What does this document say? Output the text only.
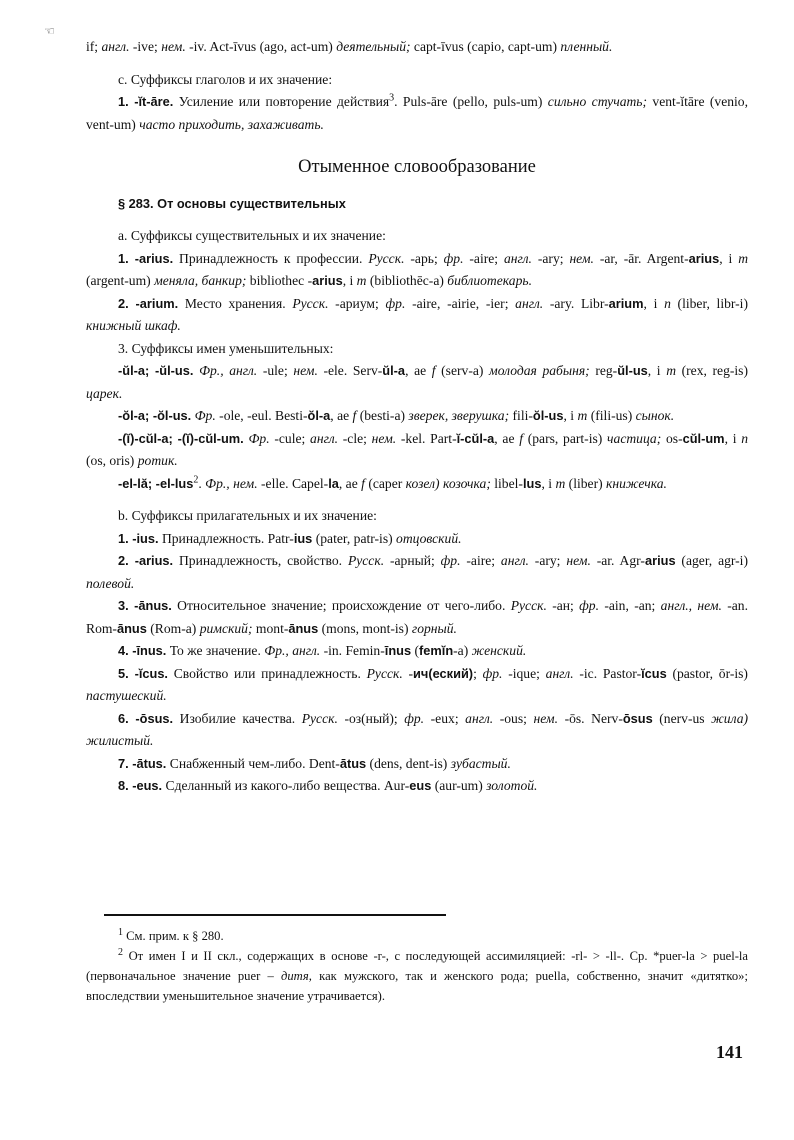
☜

if; англ. -ive; нем. -iv. Act-īvus (ago, act-um) деятельный; capt-īvus (capio, capt-um) пленный.

с. Суффиксы глаголов и их значение:

1. -ĭt-āre. Усиление или повторение действия$^3$. Puls-āre (pello, puls-um) сильно стучать; vent-ĭtāre (venio, vent-um) часто приходить, захаживать.

Отыменное словообразование

§ 283. От основы существительных

a. Суффиксы существительных и их значение:

1. -arius. Принадлежность к профессии. Русск. -арь; фр. -aire; англ. -ary; нем. -ar, -ār. Argent-arius, i m (argent-um) меняла, банкир; bibliothec -arius, i m (bibliothēc-a) библиотекарь.

2. -arium. Место хранения. Русск. -ариум; фр. -aire, -airie, -ier; англ. -ary. Libr-arium, i n (liber, libr-i) книжный шкаф.

3. Суффиксы имен уменьшительных:

-ŭl-a; -ŭl-us. Фр., англ. -ule; нем. -ele. Serv-ŭl-a, ae f (serv-a) молодая рабыня; reg-ŭl-us, i m (rex, reg-is) царек.

-ŏl-a; -ŏl-us. Фр. -ole, -eul. Besti-ŏl-a, ae f (besti-a) зверек, зверушка; fili-ŏl-us, i m (fili-us) сынок.

-(ĭ)-cŭl-a; -(ĭ)-cŭl-um. Фр. -cule; англ. -cle; нем. -kel. Part-ĭ-cŭl-a, ae f (pars, part-is) частица; os-cŭl-um, i n (os, oris) ротик.

-el-lă; -el-lus$^2$. Фр., нем. -elle. Capel-la, ae f (caper козел) козочка; libel-lus, i m (liber) книжечка.

b. Суффиксы прилагательных и их значение:

1. -ius. Принадлежность. Patr-ius (pater, patr-is) отцовский.

2. -arius. Принадлежность, свойство. Русск. -арный; фр. -aire; англ. -ary; нем. -ar. Agr-arius (ager, agr-i) полевой.

3. -ānus. Относительное значение; происхождение от чего-либо. Русск. -ан; фр. -ain, -an; англ., нем. -an. Rom-ānus (Rom-a) римский; mont-ānus (mons, mont-is) горный.

4. -īnus. То же значение. Фр., англ. -in. Femin-īnus (femĭn-a) женский.

5. -ĭcus. Свойство или принадлежность. Русск. -ич(еский); фр. -ique; англ. -ic. Pastor-ĭcus (pastor, ōr-is) пастушеский.

6. -ōsus. Изобилие качества. Русск. -оз(ный); фр. -eux; англ. -ous; нем. -ōs. Nerv-ōsus (nerv-us жила) жилистый.

7. -ātus. Снабженный чем-либо. Dent-ātus (dens, dent-is) зубастый.

8. -eus. Сделанный из какого-либо вещества. Aur-eus (aur-um) золотой.

$^1$ См. прим. к § 280.

$^2$ От имен I и II скл., содержащих в основе -r-, с последующей ассимиляцией: -rl- > -ll-. Ср. *puer-la > puel-la (первоначальное значение puer – дитя, как мужского, так и женского рода; puella, собственно, значит «дитятко»; впоследствии уменьшительное значение утрачивается).

141
